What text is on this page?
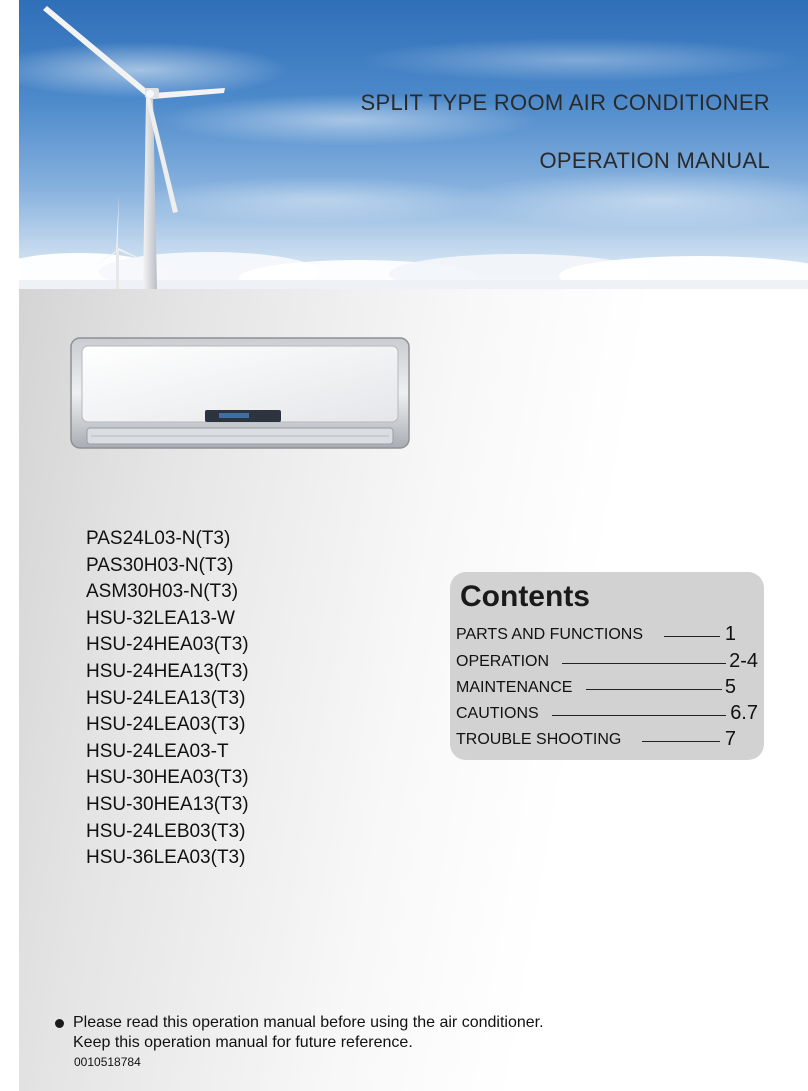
SPLIT TYPE ROOM AIR CONDITIONER
OPERATION MANUAL
PAS24L03-N(T3)
PAS30H03-N(T3)
ASM30H03-N(T3)
HSU-32LEA13-W
HSU-24HEA03(T3)
HSU-24HEA13(T3)
HSU-24LEA13(T3)
HSU-24LEA03(T3)
HSU-24LEA03-T
HSU-30HEA03(T3)
HSU-30HEA13(T3)
HSU-24LEB03(T3)
HSU-36LEA03(T3)
Contents
PARTS AND FUNCTIONS	1
OPERATION	2-4
MAINTENANCE	5
CAUTIONS	6.7
TROUBLE SHOOTING	7
Please read this operation manual before using the air conditioner.
Keep this operation manual for future reference.
0010518784
